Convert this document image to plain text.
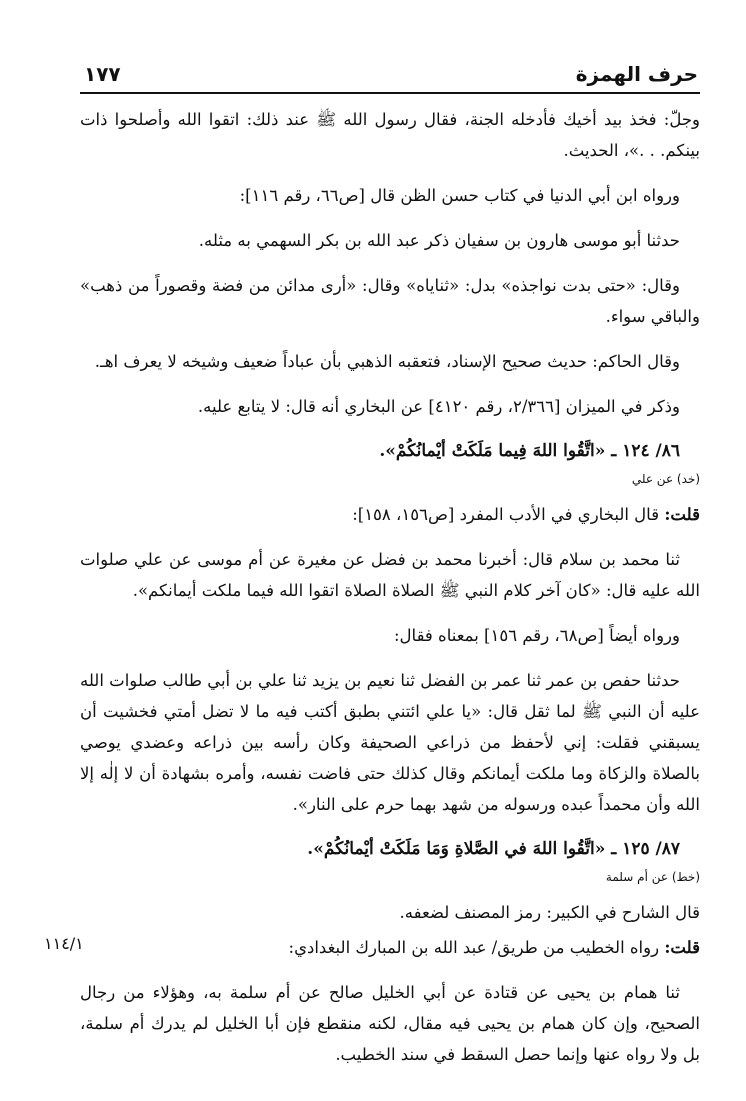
حرف الهمزة
١٧٧

وجلّ: فخذ بيد أخيك فأدخله الجنة، فقال رسول الله ﷺ عند ذلك: اتقوا الله وأصلحوا ذات بينكم. . .»، الحديث.

ورواه ابن أبي الدنيا في كتاب حسن الظن قال [ص٦٦، رقم ١١٦]:

حدثنا أبو موسى هارون بن سفيان ذكر عبد الله بن بكر السهمي به مثله.

وقال: «حتى بدت نواجذه» بدل: «ثناياه» وقال: «أرى مدائن من فضة وقصوراً من ذهب» والباقي سواء.

وقال الحاكم: حديث صحيح الإسناد، فتعقبه الذهبي بأن عباداً ضعيف وشيخه لا يعرف اهـ.

وذكر في الميزان [٢/٣٦٦، رقم ٤١٢٠] عن البخاري أنه قال: لا يتابع عليه.

٨٦/ ١٢٤ ـ «اتَّقُوا اللهَ فِيما مَلَكَتْ أيْمانُكُمْ».

(خد) عن علي

قلت: قال البخاري في الأدب المفرد [ص١٥٦، ١٥٨]:

ثنا محمد بن سلام قال: أخبرنا محمد بن فضل عن مغيرة عن أم موسى عن علي صلوات الله عليه قال: «كان آخر كلام النبي ﷺ الصلاة الصلاة اتقوا الله فيما ملكت أيمانكم».

ورواه أيضاً [ص٦٨، رقم ١٥٦] بمعناه فقال:

حدثنا حفص بن عمر ثنا عمر بن الفضل ثنا نعيم بن يزيد ثنا علي بن أبي طالب صلوات الله عليه أن النبي ﷺ لما ثقل قال: «يا علي ائتني بطبق أكتب فيه ما لا تضل أمتي فخشيت أن يسبقني فقلت: إني لأحفظ من ذراعي الصحيفة وكان رأسه بين ذراعه وعضدي يوصي بالصلاة والزكاة وما ملكت أيمانكم وقال كذلك حتى فاضت نفسه، وأمره بشهادة أن لا إلٰه إلا الله وأن محمداً عبده ورسوله من شهد بهما حرم على النار».

٨٧/ ١٢٥ ـ «اتَّقُوا اللهَ في الصَّلاةِ وَمَا مَلَكَتْ أيْمانُكُمْ».

(خط) عن أم سلمة

قال الشارح في الكبير: رمز المصنف لضعفه.

قلت: رواه الخطيب من طريق/ عبد الله بن المبارك البغدادي:

ثنا همام بن يحيى عن قتادة عن أبي الخليل صالح عن أم سلمة به، وهؤلاء من رجال الصحيح، وإن كان همام بن يحيى فيه مقال، لكنه منقطع فإن أبا الخليل لم يدرك أم سلمة، بل ولا رواه عنها وإنما حصل السقط في سند الخطيب.

١١٤/١
